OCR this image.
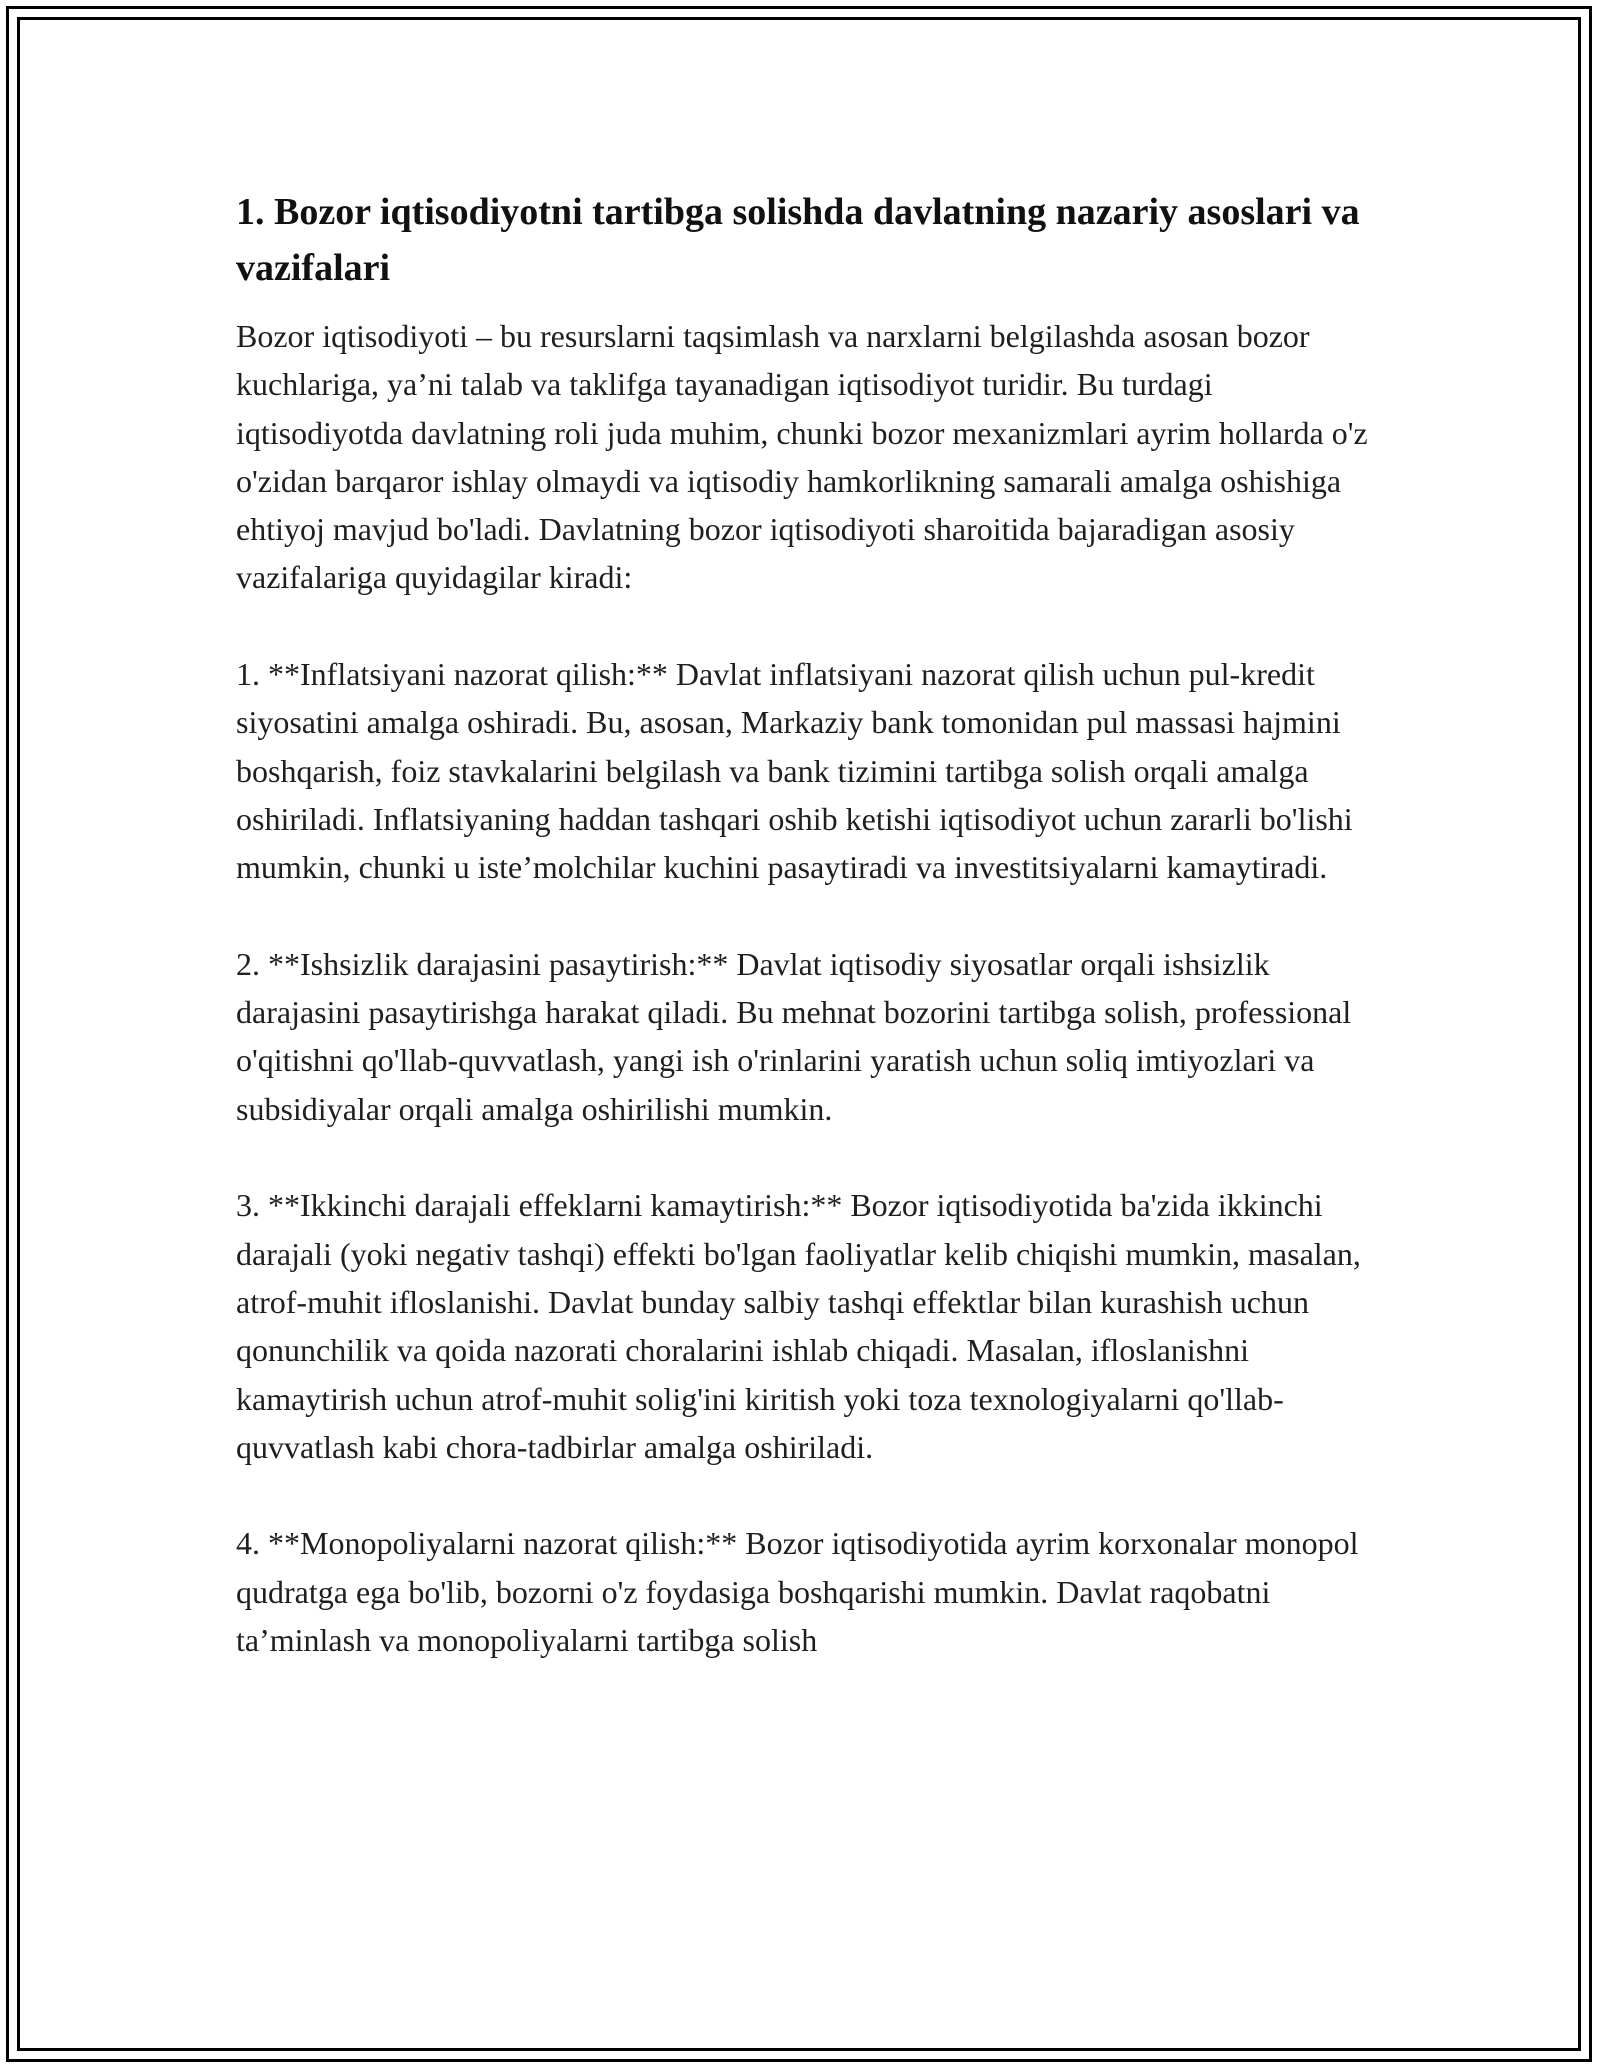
1. Bozor iqtisodiyotni tartibga solishda davlatning nazariy asoslari va vazifalari

Bozor iqtisodiyoti – bu resurslarni taqsimlash va narxlarni belgilashda asosan bozor kuchlariga, ya’ni talab va taklifga tayanadigan iqtisodiyot turidir. Bu turdagi iqtisodiyotda davlatning roli juda muhim, chunki bozor mexanizmlari ayrim hollarda o'z o'zidan barqaror ishlay olmaydi va iqtisodiy hamkorlikning samarali amalga oshishiga ehtiyoj mavjud bo'ladi. Davlatning bozor iqtisodiyoti sharoitida bajaradigan asosiy vazifalariga quyidagilar kiradi:

1. **Inflatsiyani nazorat qilish:** Davlat inflatsiyani nazorat qilish uchun pul-kredit siyosatini amalga oshiradi. Bu, asosan, Markaziy bank tomonidan pul massasi hajmini boshqarish, foiz stavkalarini belgilash va bank tizimini tartibga solish orqali amalga oshiriladi. Inflatsiyaning haddan tashqari oshib ketishi iqtisodiyot uchun zararli bo'lishi mumkin, chunki u iste’molchilar kuchini pasaytiradi va investitsiyalarni kamaytiradi.

2. **Ishsizlik darajasini pasaytirish:** Davlat iqtisodiy siyosatlar orqali ishsizlik darajasini pasaytirishga harakat qiladi. Bu mehnat bozorini tartibga solish, professional o'qitishni qo'llab-quvvatlash, yangi ish o'rinlarini yaratish uchun soliq imtiyozlari va subsidiyalar orqali amalga oshirilishi mumkin.

3. **Ikkinchi darajali effeklarni kamaytirish:** Bozor iqtisodiyotida ba'zida ikkinchi darajali (yoki negativ tashqi) effekti bo'lgan faoliyatlar kelib chiqishi mumkin, masalan, atrof-muhit ifloslanishi. Davlat bunday salbiy tashqi effektlar bilan kurashish uchun qonunchilik va qoida nazorati choralarini ishlab chiqadi. Masalan, ifloslanishni kamaytirish uchun atrof-muhit solig'ini kiritish yoki toza texnologiyalarni qo'llab-quvvatlash kabi chora-tadbirlar amalga oshiriladi.

4. **Monopoliyalarni nazorat qilish:** Bozor iqtisodiyotida ayrim korxonalar monopol qudratga ega bo'lib, bozorni o'z foydasiga boshqarishi mumkin. Davlat raqobatni ta’minlash va monopoliyalarni tartibga solish
